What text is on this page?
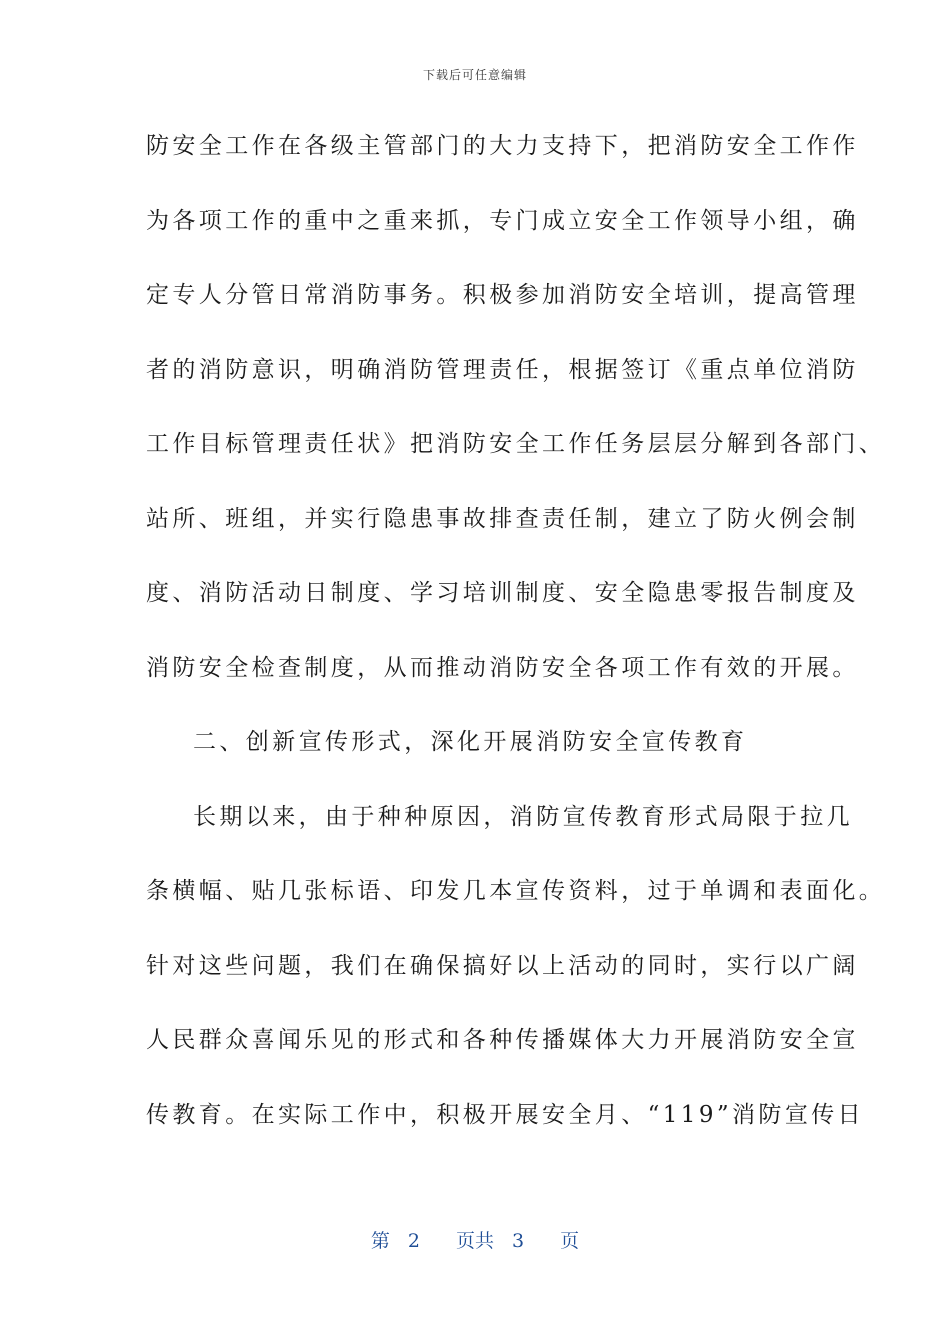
下载后可任意编辑
防安全工作在各级主管部门的大力支持下，把消防安全工作作
为各项工作的重中之重来抓，专门成立安全工作领导小组，确
定专人分管日常消防事务。积极参加消防安全培训，提高管理
者的消防意识，明确消防管理责任，根据签订《重点单位消防
工作目标管理责任状》把消防安全工作任务层层分解到各部门、
站所、班组，并实行隐患事故排查责任制，建立了防火例会制
度、消防活动日制度、学习培训制度、安全隐患零报告制度及
消防安全检查制度，从而推动消防安全各项工作有效的开展。
二、创新宣传形式，深化开展消防安全宣传教育
长期以来，由于种种原因，消防宣传教育形式局限于拉几
条横幅、贴几张标语、印发几本宣传资料，过于单调和表面化。
针对这些问题，我们在确保搞好以上活动的同时，实行以广阔
人民群众喜闻乐见的形式和各种传播媒体大力开展消防安全宣
传教育。在实际工作中，积极开展安全月、“119”消防宣传日
第 2 页共 3 页
